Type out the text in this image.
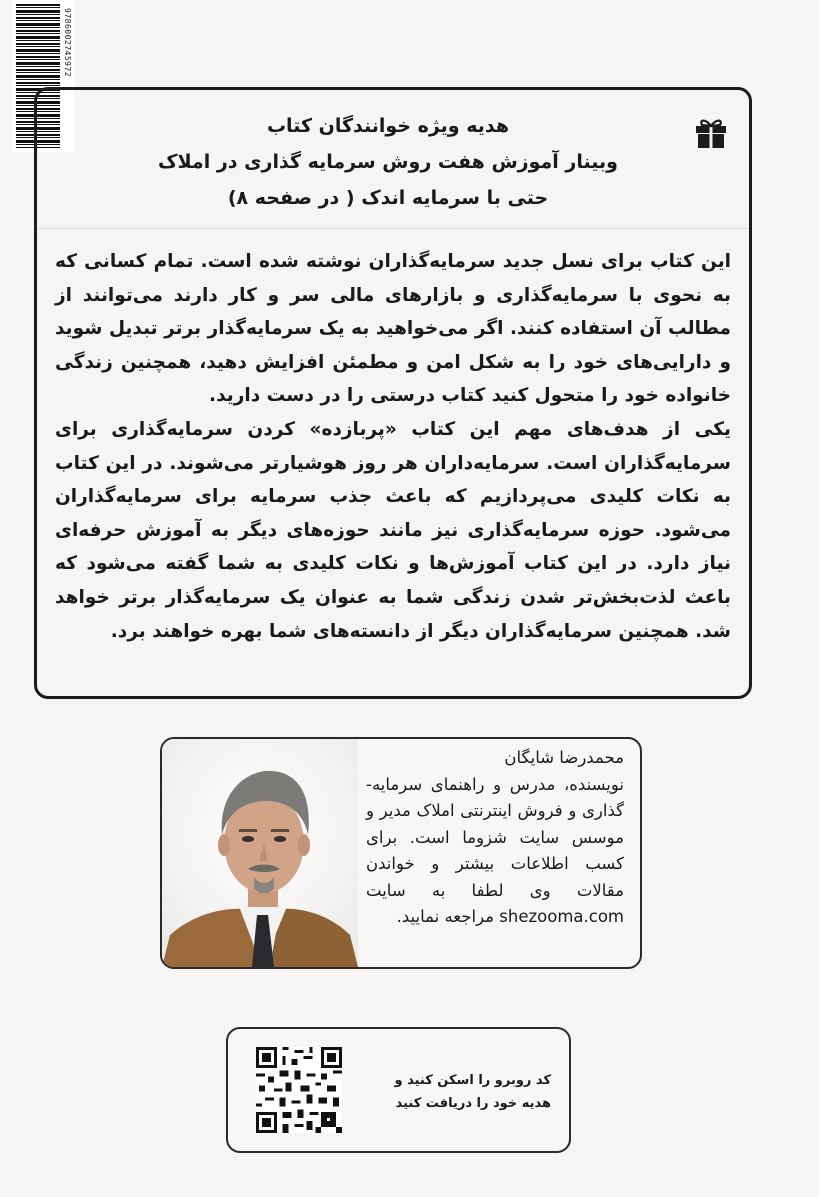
9786002745972
هدیه ویژه خوانندگان کتاب
وبینار آموزش هفت روش سرمایه گذاری در املاک
حتی با سرمایه اندک ( در صفحه ۸)

این کتاب برای نسل جدید سرمایه‌گذاران نوشته شده است. تمام کسانی که به نحوی با سرمایه‌گذاری و بازارهای مالی سر و کار دارند می‌توانند از مطالب آن استفاده کنند. اگر می‌خواهید به یک سرمایه‌گذار برتر تبدیل شوید و دارایی‌های خود را به شکل امن و مطمئن افزایش دهید، همچنین زندگی خانواده خود را متحول کنید کتاب درستی را در دست دارید.

یکی از هدف‌های مهم این کتاب «پربازده» کردن سرمایه‌گذاری برای سرمایه‌گذاران است. سرمایه‌داران هر روز هوشیارتر می‌شوند. در این کتاب به نکات کلیدی می‌پردازیم که باعث جذب سرمایه برای سرمایه‌گذاران می‌شود. حوزه سرمایه‌گذاری نیز مانند حوزه‌های دیگر به آموزش حرفه‌ای نیاز دارد. در این کتاب آموزش‌ها و نکات کلیدی به شما گفته می‌شود که باعث لذت‌بخش‌تر شدن زندگی شما به عنوان یک سرمایه‌گذار برتر خواهد شد. همچنین سرمایه‌گذاران دیگر از دانسته‌های شما بهره خواهند برد.

محمدرضا شایگان
نویسنده، مدرس و راهنمای سرمایه- گذاری و فروش اینترنتی املاک مدیر و موسس سایت شزوما است. برای کسب اطلاعات بیشتر و خواندن مقالات وی لطفا به سایت shezooma.com مراجعه نمایید.
کد روبرو را اسکن کنید و
هدیه خود را دریافت کنید
